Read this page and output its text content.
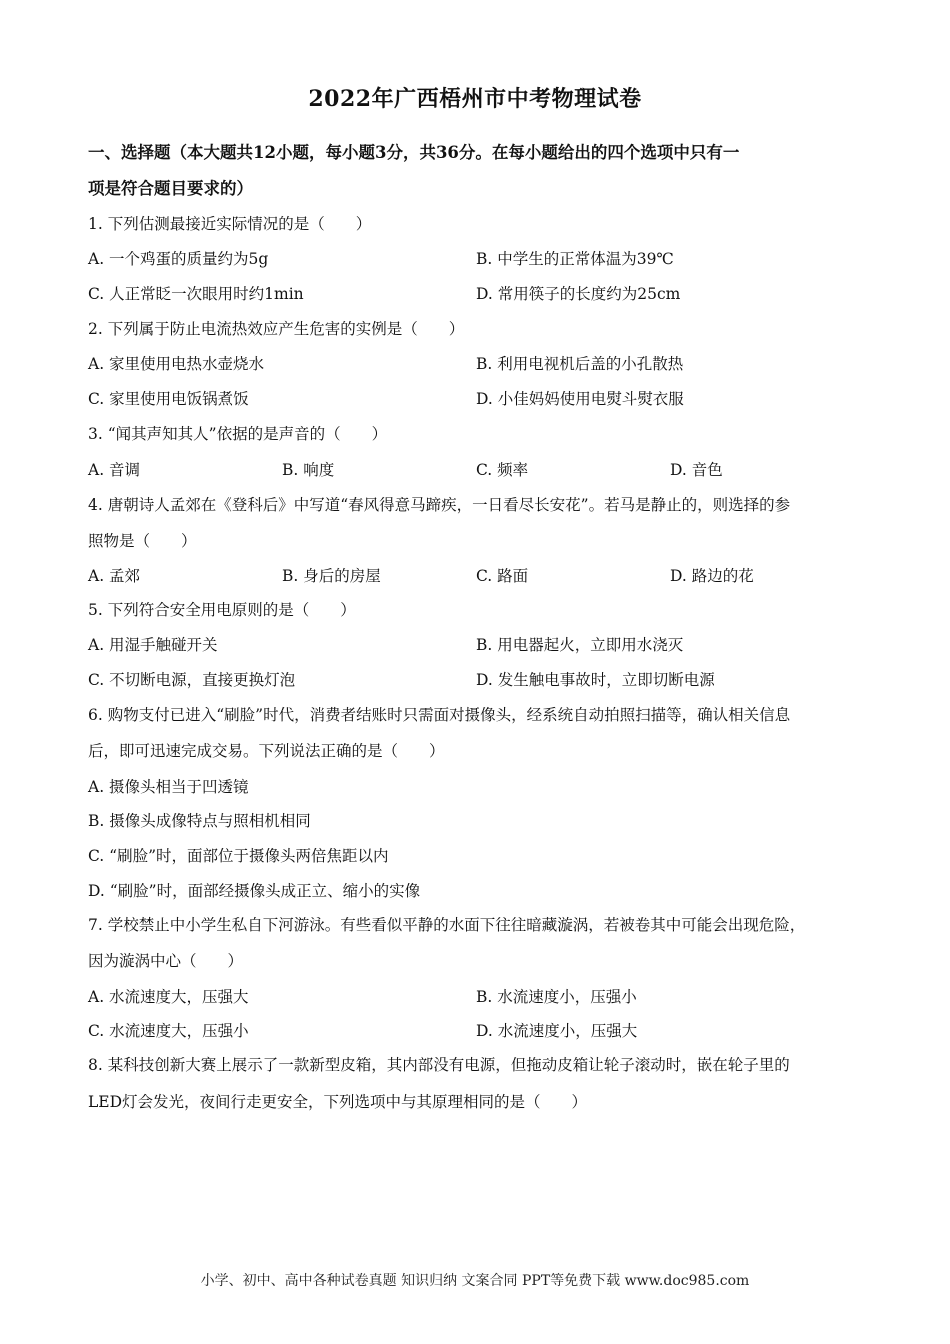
2022年广西梧州市中考物理试卷
一、选择题（本大题共12小题，每小题3分，共36分。在每小题给出的四个选项中只有一
项是符合题目要求的）
1. 下列估测最接近实际情况的是（　　）
A. 一个鸡蛋的质量约为5g	B. 中学生的正常体温为39℃
C. 人正常眨一次眼用时约1min	D. 常用筷子的长度约为25cm
2. 下列属于防止电流热效应产生危害的实例是（　　）
A. 家里使用电热水壶烧水	B. 利用电视机后盖的小孔散热
C. 家里使用电饭锅煮饭	D. 小佳妈妈使用电熨斗熨衣服
3. “闻其声知其人”依据的是声音的（　　）
A. 音调	B. 响度	C. 频率	D. 音色
4. 唐朝诗人孟郊在《登科后》中写道“春风得意马蹄疾，一日看尽长安花”。若马是静止的，则选择的参
照物是（　　）
A. 孟郊	B. 身后的房屋	C. 路面	D. 路边的花
5. 下列符合安全用电原则的是（　　）
A. 用湿手触碰开关	B. 用电器起火，立即用水浇灭
C. 不切断电源，直接更换灯泡	D. 发生触电事故时，立即切断电源
6. 购物支付已进入“刷脸”时代，消费者结账时只需面对摄像头，经系统自动拍照扫描等，确认相关信息
后，即可迅速完成交易。下列说法正确的是（　　）
A. 摄像头相当于凹透镜
B. 摄像头成像特点与照相机相同
C. “刷脸”时，面部位于摄像头两倍焦距以内
D. “刷脸”时，面部经摄像头成正立、缩小的实像
7. 学校禁止中小学生私自下河游泳。有些看似平静的水面下往往暗藏漩涡，若被卷其中可能会出现危险，
因为漩涡中心（　　）
A. 水流速度大，压强大	B. 水流速度小，压强小
C. 水流速度大，压强小	D. 水流速度小，压强大
8. 某科技创新大赛上展示了一款新型皮箱，其内部没有电源，但拖动皮箱让轮子滚动时，嵌在轮子里的
LED灯会发光，夜间行走更安全，下列选项中与其原理相同的是（　　）
小学、初中、高中各种试卷真题 知识归纳 文案合同 PPT等免费下载 www.doc985.com
